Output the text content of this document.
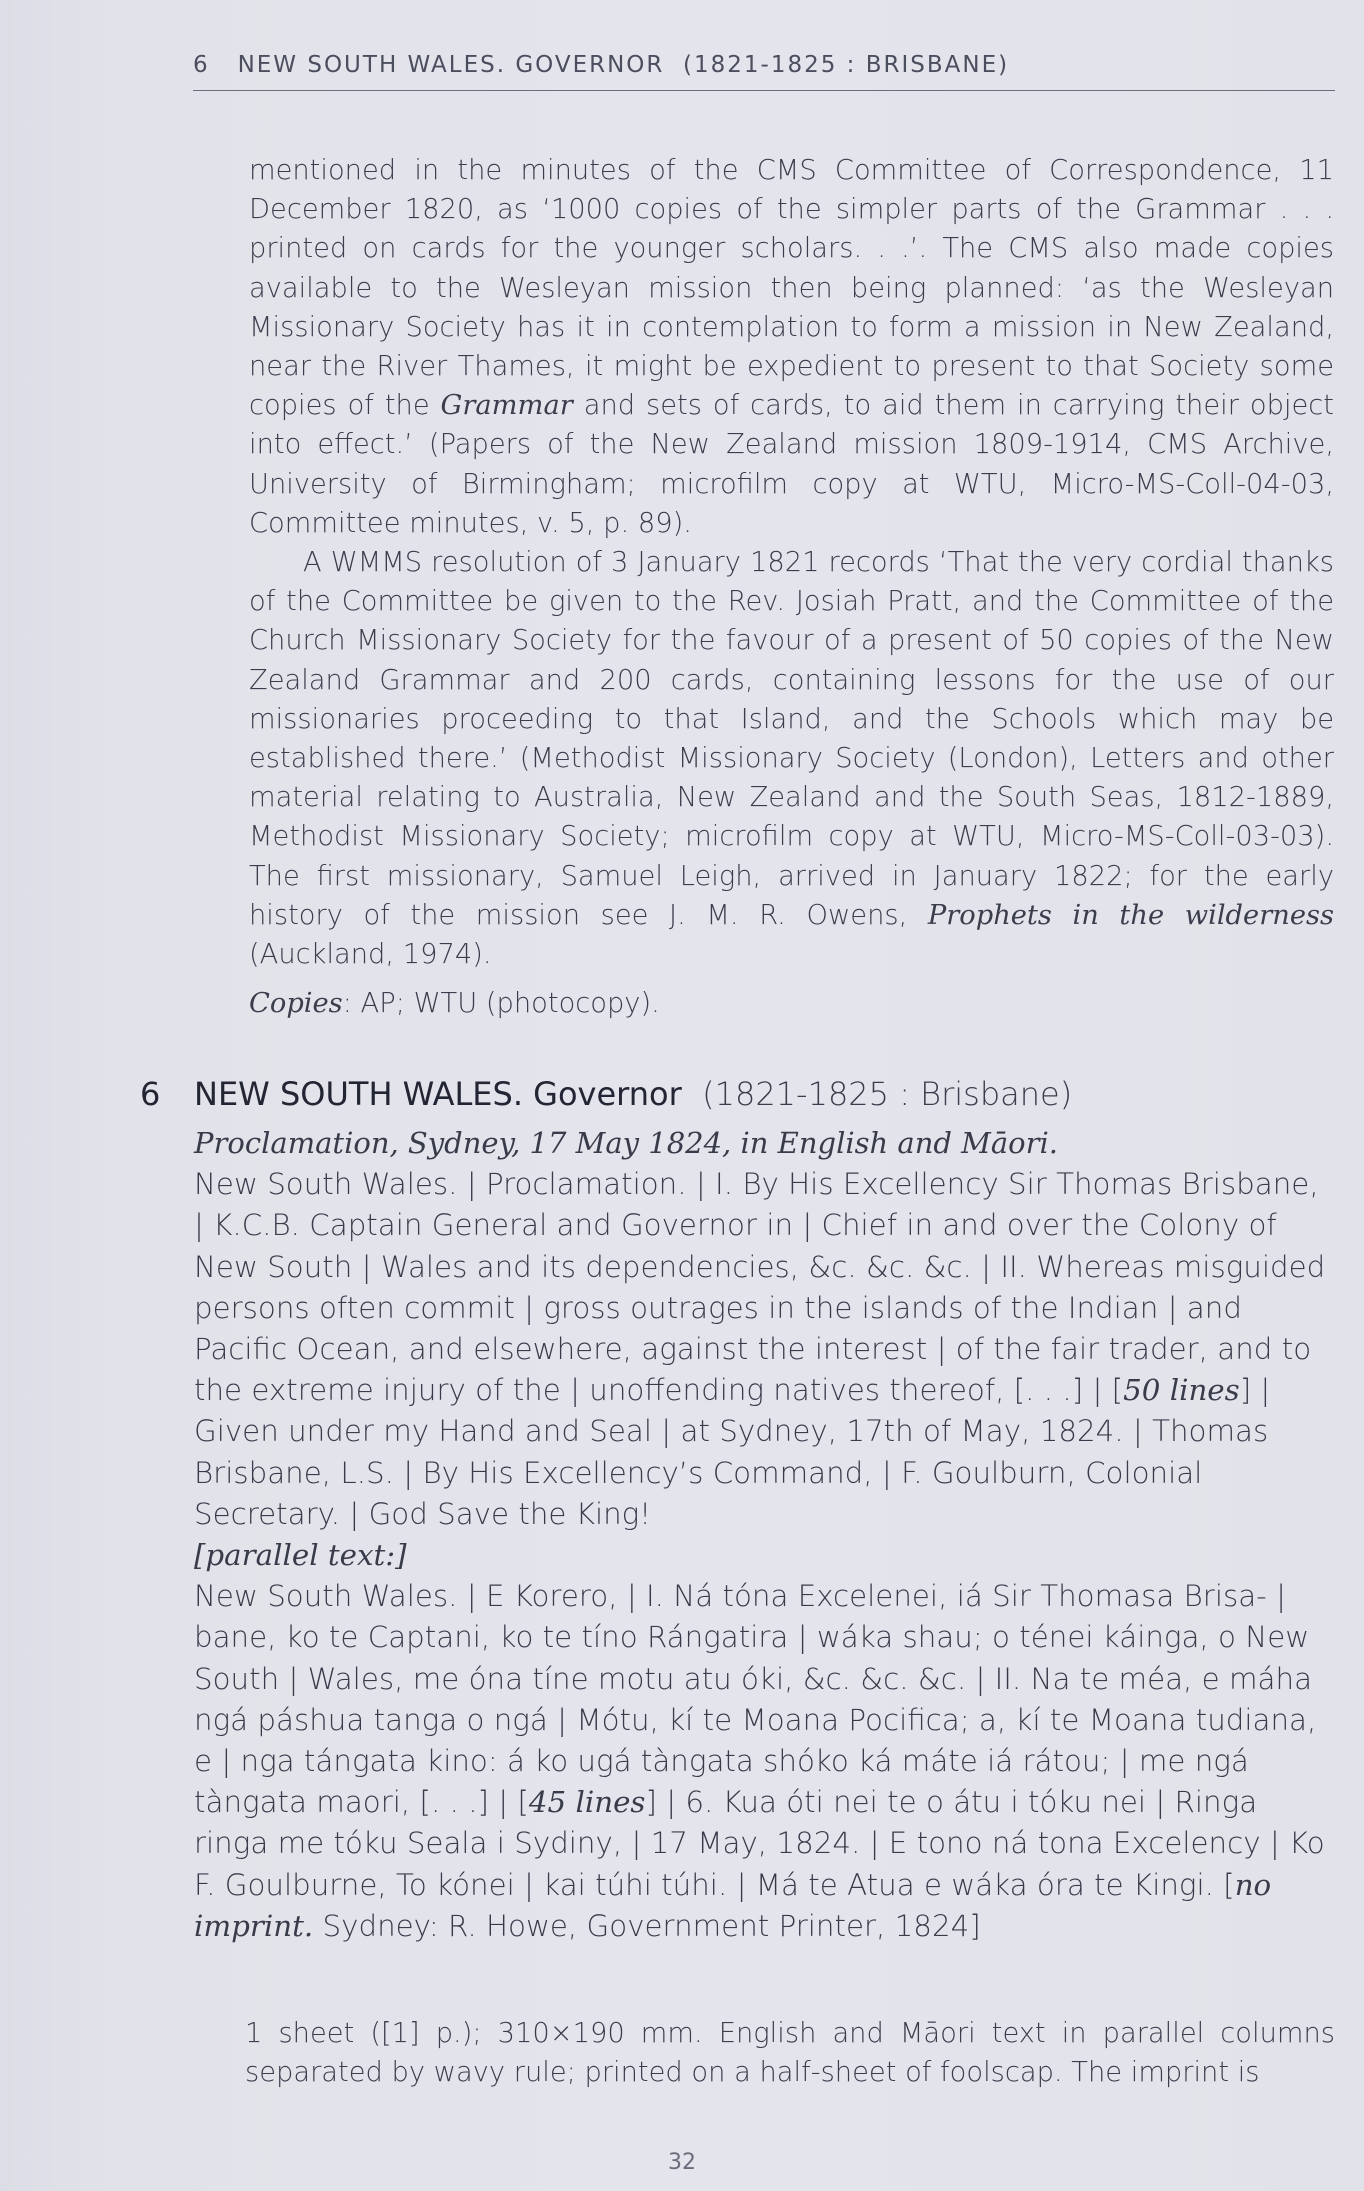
6   NEW SOUTH WALES. GOVERNOR  (1821-1825 : BRISBANE)

mentioned in the minutes of the CMS Committee of Correspondence, 11 December 1820, as ‘1000 copies of the simpler parts of the Grammar . . . printed on cards for the younger scholars. . .’. The CMS also made copies available to the Wesleyan mission then being planned: ‘as the Wesleyan Missionary Society has it in contemplation to form a mission in New Zealand, near the River Thames, it might be expedient to present to that Society some copies of the Grammar and sets of cards, to aid them in carrying their object into effect.’ (Papers of the New Zealand mission 1809-1914, CMS Archive, University of Birmingham; microfilm copy at WTU, Micro-MS-Coll-04-03, Committee minutes, v. 5, p. 89).

A WMMS resolution of 3 January 1821 records ‘That the very cordial thanks of the Committee be given to the Rev. Josiah Pratt, and the Committee of the Church Missionary Society for the favour of a present of 50 copies of the New Zealand Grammar and 200 cards, containing lessons for the use of our missionaries proceeding to that Island, and the Schools which may be established there.’ (Methodist Missionary Society (London), Letters and other material relating to Australia, New Zealand and the South Seas, 1812-1889, Methodist Missionary Society; microfilm copy at WTU, Micro-MS-Coll-03-03). The first missionary, Samuel Leigh, arrived in January 1822; for the early history of the mission see J. M. R. Owens, Prophets in the wilderness (Auckland, 1974).

Copies: AP; WTU (photocopy).

6 NEW SOUTH WALES. Governor (1821-1825 : Brisbane)

Proclamation, Sydney, 17 May 1824, in English and Māori.

New South Wales. | Proclamation. | I. By His Excellency Sir Thomas Brisbane, | K.C.B. Captain General and Governor in | Chief in and over the Colony of New South | Wales and its dependencies, &c. &c. &c. | II. Whereas misguided persons often commit | gross outrages in the islands of the Indian | and Pacific Ocean, and elsewhere, against the interest | of the fair trader, and to the extreme injury of the | unoffending natives thereof, [. . .] | [50 lines] | Given under my Hand and Seal | at Sydney, 17th of May, 1824. | Thomas Brisbane, L.S. | By His Excellency’s Command, | F. Goulburn, Colonial Secretary. | God Save the King!

[parallel text:]

New South Wales. | E Korero, | I. Ná tóna Excelenei, iá Sir Thomasa Brisa- | bane, ko te Captani, ko te tíno Rángatira | wáka shau; o ténei káinga, o New South | Wales, me óna tíne motu atu óki, &c. &c. &c. | II. Na te méa, e máha ngá páshua tanga o ngá | Mótu, kí te Moana Pocifica; a, kí te Moana tudiana, e | nga tángata kino: á ko ugá tàngata shóko ká máte iá rátou; | me ngá tàngata maori, [. . .] | [45 lines] | 6. Kua óti nei te o átu i tóku nei | Ringa ringa me tóku Seala i Sydiny, | 17 May, 1824. | E tono ná tona Excelency | Ko F. Goulburne, To kónei | kai túhi túhi. | Má te Atua e wáka óra te Kingi. [no imprint. Sydney: R. Howe, Government Printer, 1824]

1 sheet ([1] p.); 310×190 mm. English and Māori text in parallel columns separated by wavy rule; printed on a half-sheet of foolscap. The imprint is

32
